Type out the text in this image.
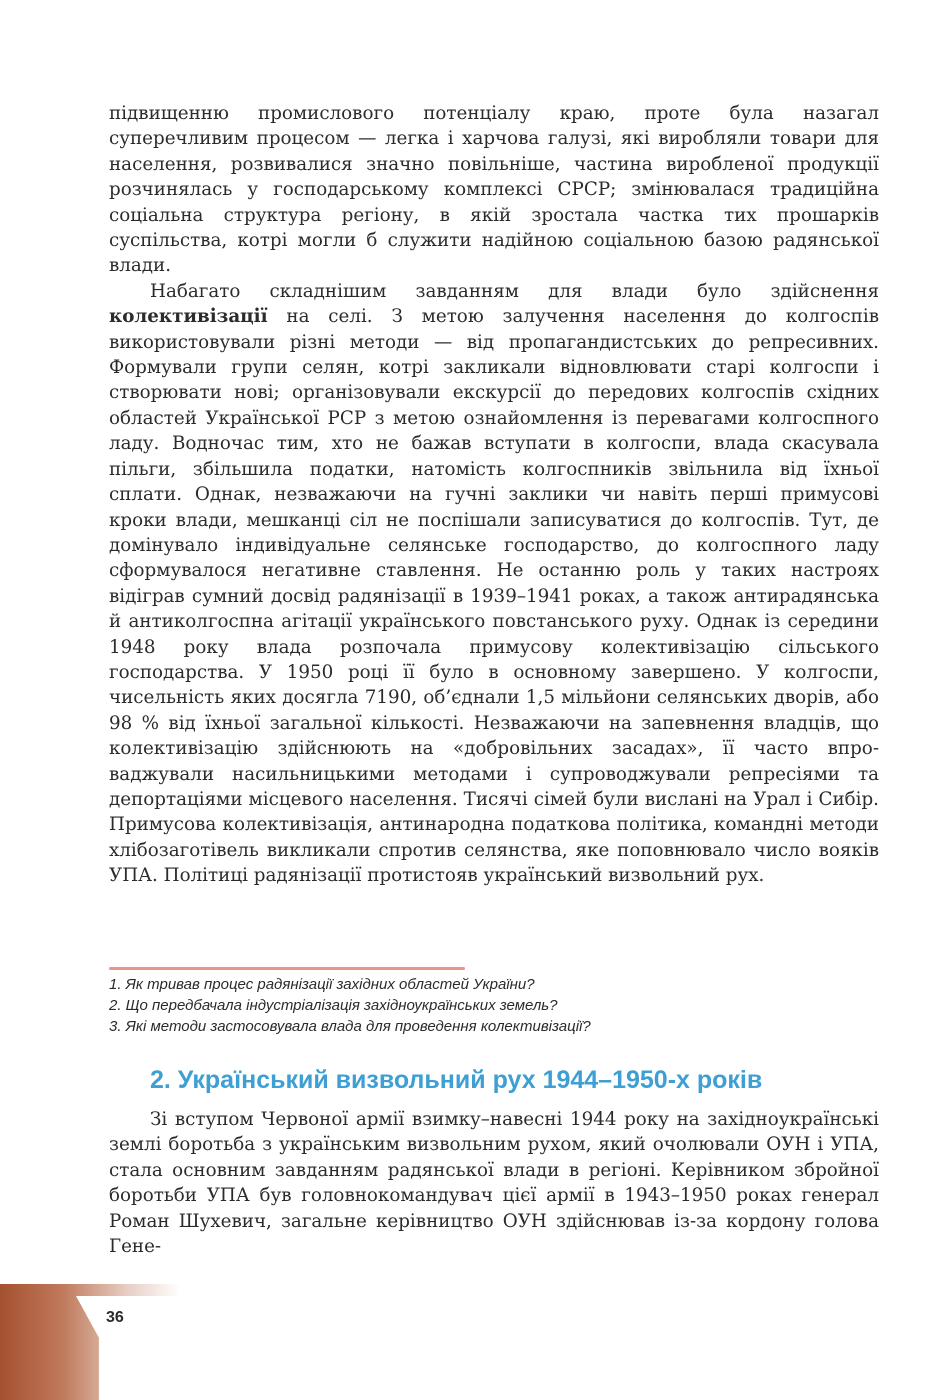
підвищенню промислового потенціалу краю, проте була назагал суперечливим процесом — легка і харчова галузі, які виробляли товари для населення, розвивалися значно повільніше, частина виробленої продукції розчинялась у господарському комплексі СРСР; змінювалася традиційна соціальна структура регіону, в якій зростала частка тих прошарків суспільства, котрі могли б служити надійною соціальною базою радянської влади.

Набагато складнішим завданням для влади було здійснення колективізації на селі. З метою залучення населення до колгоспів використовували різні методи — від пропагандистських до репресивних. Формували групи селян, котрі закликали відновлювати старі колгоспи і створювати нові; організовували екскурсії до передових колгоспів східних областей Української РСР з метою ознайомлення із перевагами колгоспного ладу. Водночас тим, хто не бажав вступати в колгоспи, влада скасувала пільги, збільшила податки, натомість колгоспників звільнила від їхньої сплати. Однак, незважаючи на гучні заклики чи навіть перші примусові кроки влади, мешканці сіл не поспішали записуватися до колгоспів. Тут, де домінувало індивідуальне селянське господарство, до колгоспного ладу сформувалося негативне ставлення. Не останню роль у таких настроях відіграв сумний досвід радянізації в 1939–1941 роках, а також антирадянська й антиколгоспна агітації українського повстанського руху. Однак із середини 1948 року влада розпочала примусову колективізацію сільського господарства. У 1950 році її було в основному завершено. У колгоспи, чисельність яких досягла 7190, об’єднали 1,5 мільйони селянських дворів, або 98 % від їхньої загальної кількості. Незважаючи на запевнення владців, що колективізацію здійснюють на «добровільних засадах», її часто впроваджували насильницькими методами і супроводжували репресіями та депортаціями місцевого населення. Тисячі сімей були вислані на Урал і Сибір. Примусова колективізація, антинародна податкова політика, командні методи хлібозаготівель викликали спротив селянства, яке поповнювало число вояків УПА. Політиці радянізації протистояв український визвольний рух.

1. Як тривав процес радянізації західних областей України?
2. Що передбачала індустріалізація західноукраїнських земель?
3. Які методи застосовувала влада для проведення колективізації?
2. Український визвольний рух 1944–1950-х років

Зі вступом Червоної армії взимку–навесні 1944 року на західноукраїнські землі боротьба з українським визвольним рухом, який очолювали ОУН і УПА, стала основним завданням радянської влади в регіоні. Керівником збройної боротьби УПА був головнокомандувач цієї армії в 1943–1950 роках генерал Роман Шухевич, загальне керівництво ОУН здійснював із-за кордону голова Гене-

36
